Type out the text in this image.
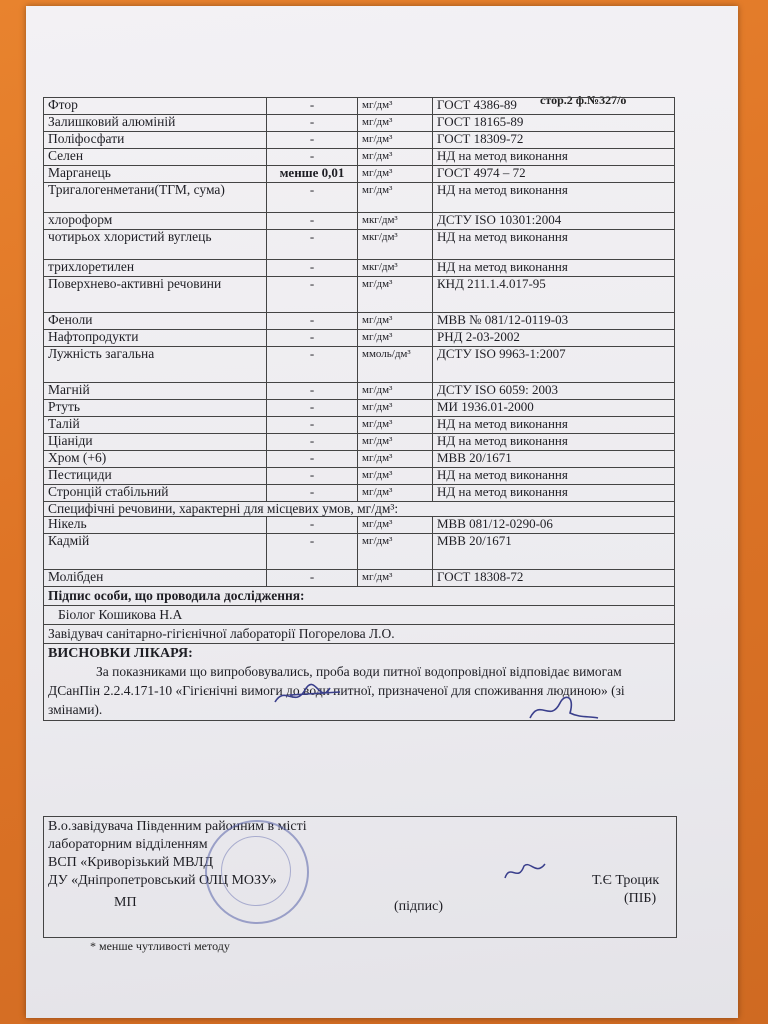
стор.2 ф.№327/о
Фтор	-	мг/дм³	ГОСТ 4386-89
Залишковий алюміній	-	мг/дм³	ГОСТ 18165-89
Поліфосфати	-	мг/дм³	ГОСТ 18309-72
Селен	-	мг/дм³	НД на метод виконання
Марганець	менше 0,01	мг/дм³	ГОСТ 4974 – 72
Тригалогенметани(ТГМ, сума)	-	мг/дм³	НД на метод виконання
хлороформ	-	мкг/дм³	ДСТУ ISO 10301:2004
чотирьох хлористий вуглець	-	мкг/дм³	НД на метод виконання
трихлоретилен	-	мкг/дм³	НД на метод виконання
Поверхнево-активні речовини	-	мг/дм³	КНД 211.1.4.017-95
Феноли	-	мг/дм³	МВВ № 081/12-0119-03
Нафтопродукти	-	мг/дм³	РНД 2-03-2002
Лужність загальна	-	ммоль/дм³	ДСТУ ISO 9963-1:2007
Магній	-	мг/дм³	ДСТУ ISO 6059: 2003
Ртуть	-	мг/дм³	МИ 1936.01-2000
Талій	-	мг/дм³	НД на метод виконання
Ціаніди	-	мг/дм³	НД на метод виконання
Хром (+6)	-	мг/дм³	МВВ 20/1671
Пестициди	-	мг/дм³	НД на метод виконання
Стронцій стабільний	-	мг/дм³	НД на метод виконання
Специфічні речовини, характерні для місцевих умов, мг/дм³:			
Нікель	-	мг/дм³	МВВ 081/12-0290-06
Кадмій	-	мг/дм³	МВВ 20/1671
Молібден	-	мг/дм³	ГОСТ 18308-72
Підпис особи, що проводила дослідження:
Біолог Кошикова Н.А
Завідувач санітарно-гігієнічної лабораторії Погорелова Л.О.
ВИСНОВКИ ЛІКАРЯ:
За показниками що випробовувались, проба води питної водопровідної відповідає вимогам ДСанПін 2.2.4.171-10 «Гігієнічні вимоги до води питної, призначеної для споживання людиною» (зі змінами).
В.о.завідувача Південним районним в місті
лабораторним відділенням
ВСП «Криворізький МВЛД
ДУ «Дніпропетровський ОЛЦ МОЗУ»	Т.Є Троцик
МП	(підпис)
(ПІБ)
* менше чутливості методу
